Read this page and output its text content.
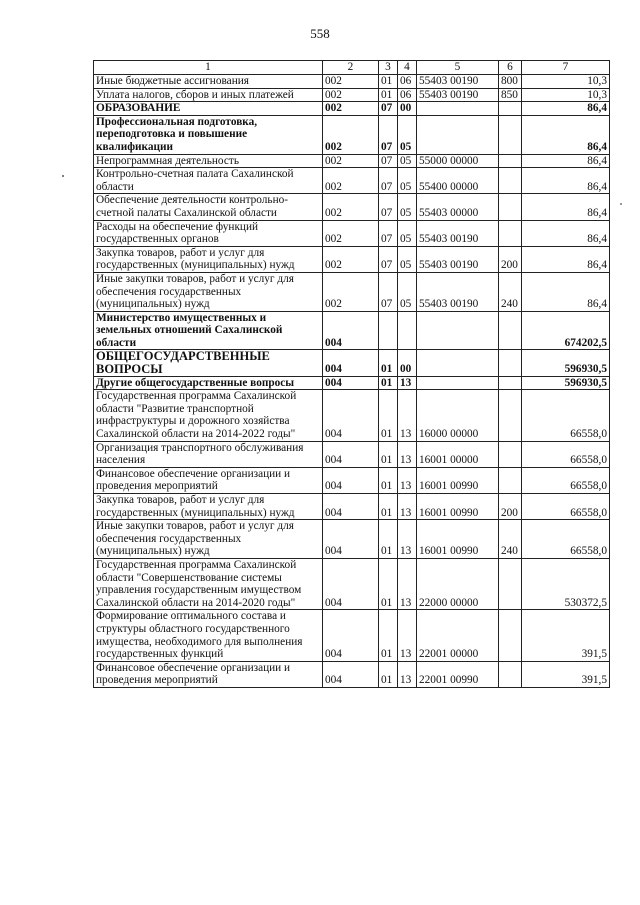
558
1	2	3	4	5	6	7
Иные бюджетные ассигнования	002	01	06	55403 00190	800	10,3
Уплата налогов, сборов и иных платежей	002	01	06	55403 00190	850	10,3
ОБРАЗОВАНИЕ	002	07	00			86,4
Профессиональная подготовка, переподготовка и повышение квалификации	002	07	05			86,4
Непрограммная деятельность	002	07	05	55000 00000		86,4
Контрольно-счетная палата Сахалинской области	002	07	05	55400 00000		86,4
Обеспечение деятельности контрольно-счетной палаты Сахалинской области	002	07	05	55403 00000		86,4
Расходы на обеспечение функций государственных органов	002	07	05	55403 00190		86,4
Закупка товаров, работ и услуг для государственных (муниципальных) нужд	002	07	05	55403 00190	200	86,4
Иные закупки товаров, работ и услуг для обеспечения государственных (муниципальных) нужд	002	07	05	55403 00190	240	86,4
Министерство имущественных и земельных отношений Сахалинской области	004					674202,5
ОБЩЕГОСУДАРСТВЕННЫЕ ВОПРОСЫ	004	01	00			596930,5
Другие общегосударственные вопросы	004	01	13			596930,5
Государственная программа Сахалинской области "Развитие транспортной инфраструктуры и дорожного хозяйства Сахалинской области на 2014-2022 годы"	004	01	13	16000 00000		66558,0
Организация транспортного обслуживания населения	004	01	13	16001 00000		66558,0
Финансовое обеспечение организации и проведения мероприятий	004	01	13	16001 00990		66558,0
Закупка товаров, работ и услуг для государственных (муниципальных) нужд	004	01	13	16001 00990	200	66558,0
Иные закупки товаров, работ и услуг для обеспечения государственных (муниципальных) нужд	004	01	13	16001 00990	240	66558,0
Государственная программа Сахалинской области "Совершенствование системы управления государственным имуществом Сахалинской области на 2014-2020 годы"	004	01	13	22000 00000		530372,5
Формирование оптимального состава и структуры областного государственного имущества, необходимого для выполнения государственных функций	004	01	13	22001 00000		391,5
Финансовое обеспечение организации и проведения мероприятий	004	01	13	22001 00990		391,5
